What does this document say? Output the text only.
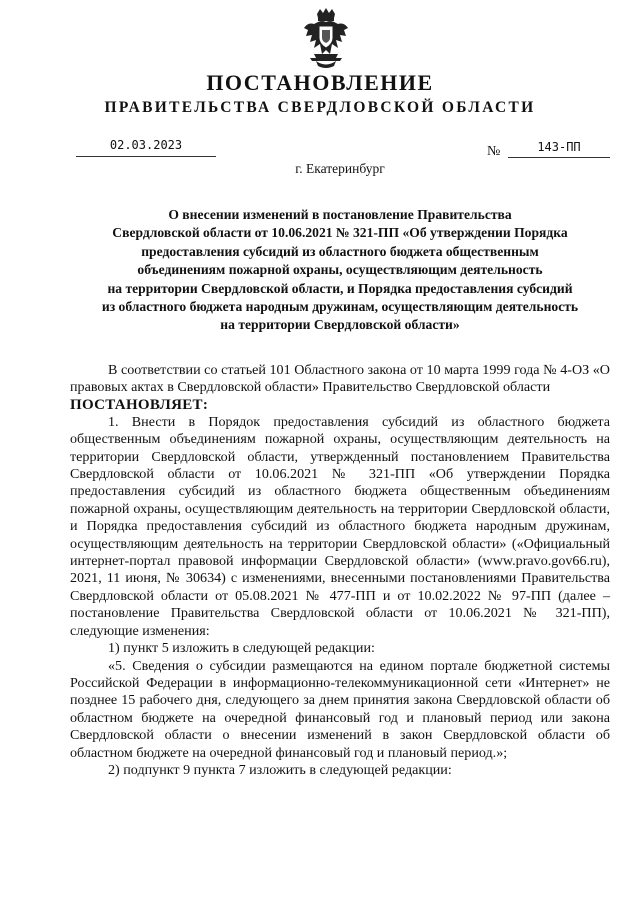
ПОСТАНОВЛЕНИЕ
ПРАВИТЕЛЬСТВА СВЕРДЛОВСКОЙ ОБЛАСТИ
02.03.2023	№	143-ПП
г. Екатеринбург
О внесении изменений в постановление Правительства
Свердловской области от 10.06.2021 № 321-ПП «Об утверждении Порядка
предоставления субсидий из областного бюджета общественным
объединениям пожарной охраны, осуществляющим деятельность
на территории Свердловской области, и Порядка предоставления субсидий
из областного бюджета народным дружинам, осуществляющим деятельность
на территории Свердловской области»

В соответствии со статьей 101 Областного закона от 10 марта 1999 года № 4-ОЗ «О правовых актах в Свердловской области» Правительство Свердловской области

ПОСТАНОВЛЯЕТ:

1. Внести в Порядок предоставления субсидий из областного бюджета общественным объединениям пожарной охраны, осуществляющим деятельность на территории Свердловской области, утвержденный постановлением Правительства Свердловской области от 10.06.2021 № 321-ПП «Об утверждении Порядка предоставления субсидий из областного бюджета общественным объединениям пожарной охраны, осуществляющим деятельность на территории Свердловской области, и Порядка предоставления субсидий из областного бюджета народным дружинам, осуществляющим деятельность на территории Свердловской области» («Официальный интернет-портал правовой информации Свердловской области» (www.pravo.gov66.ru), 2021, 11 июня, № 30634) с изменениями, внесенными постановлениями Правительства Свердловской области от 05.08.2021 № 477-ПП и от 10.02.2022 № 97-ПП (далее – постановление Правительства Свердловской области от 10.06.2021 № 321-ПП), следующие изменения:

1) пункт 5 изложить в следующей редакции:

«5. Сведения о субсидии размещаются на едином портале бюджетной системы Российской Федерации в информационно-телекоммуникационной сети «Интернет» не позднее 15 рабочего дня, следующего за днем принятия закона Свердловской области об областном бюджете на очередной финансовый год и плановый период или закона Свердловской области о внесении изменений в закон Свердловской области об областном бюджете на очередной финансовый год и плановый период.»;

2) подпункт 9 пункта 7 изложить в следующей редакции:
